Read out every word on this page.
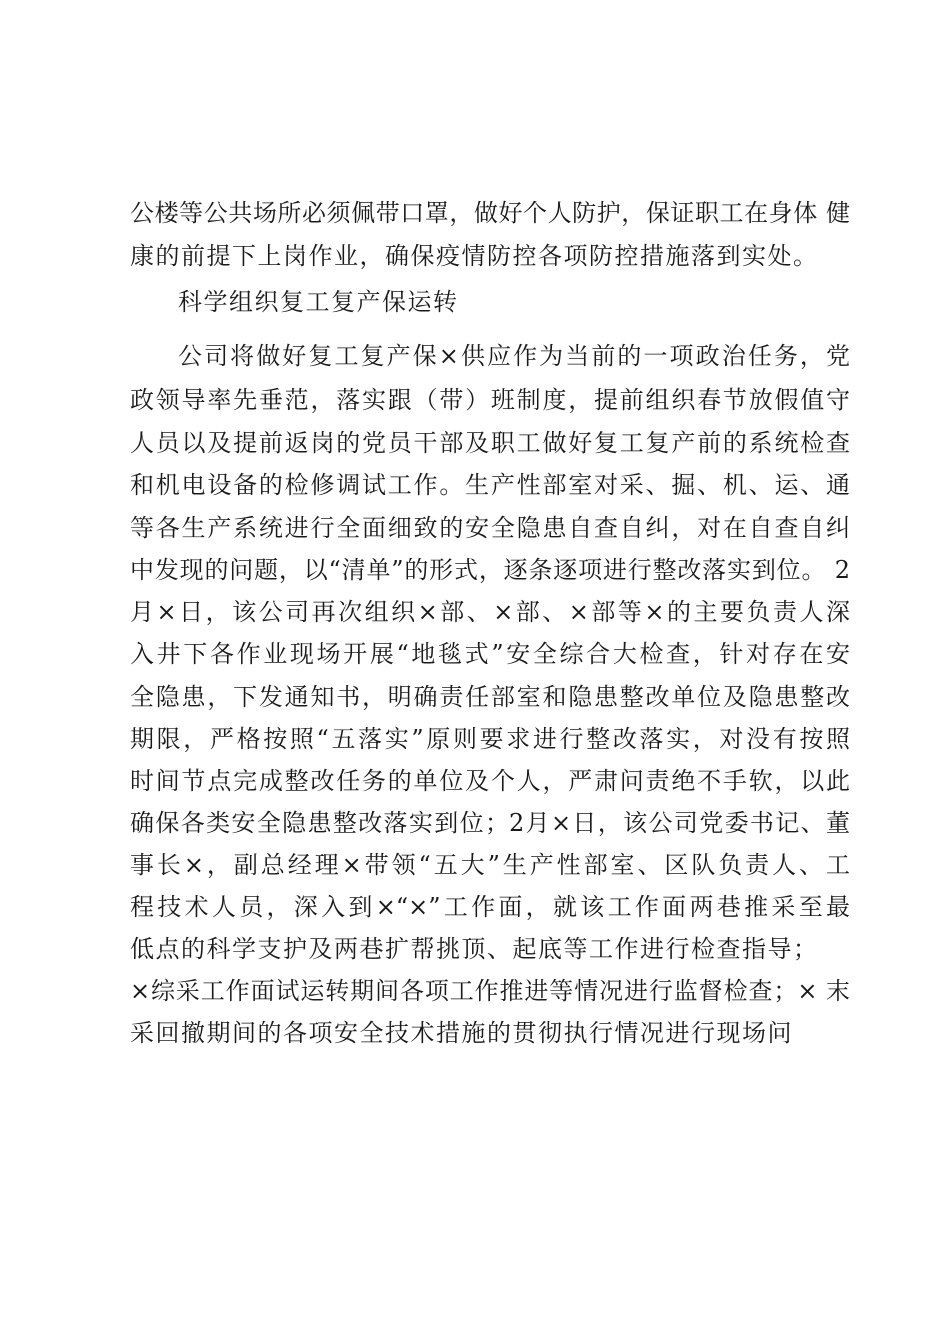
公楼等公共场所必须佩带口罩，做好个人防护，保证职工在身体 健
康的前提下上岗作业，确保疫情防控各项防控措施落到实处。
科学组织复工复产保运转
公司将做好复工复产保×供应作为当前的一项政治任务，党
政领导率先垂范，落实跟（带）班制度，提前组织春节放假值守
人员以及提前返岗的党员干部及职工做好复工复产前的系统检查
和机电设备的检修调试工作。生产性部室对采、掘、机、运、通
等各生产系统进行全面细致的安全隐患自查自纠，对在自查自纠
中发现的问题，以“清单”的形式，逐条逐项进行整改落实到位。 2
月×日，该公司再次组织×部、×部、×部等×的主要负责人深
入井下各作业现场开展“地毯式”安全综合大检查，针对存在安
全隐患，下发通知书，明确责任部室和隐患整改单位及隐患整改
期限，严格按照“五落实”原则要求进行整改落实，对没有按照
时间节点完成整改任务的单位及个人，严肃问责绝不手软，以此
确保各类安全隐患整改落实到位；2月×日，该公司党委书记、董
事长×，副总经理×带领“五大”生产性部室、区队负责人、工
程技术人员，深入到×“×”工作面，就该工作面两巷推采至最
低点的科学支护及两巷扩帮挑顶、起底等工作进行检查指导；
×综采工作面试运转期间各项工作推进等情况进行监督检查；× 末
采回撤期间的各项安全技术措施的贯彻执行情况进行现场问
